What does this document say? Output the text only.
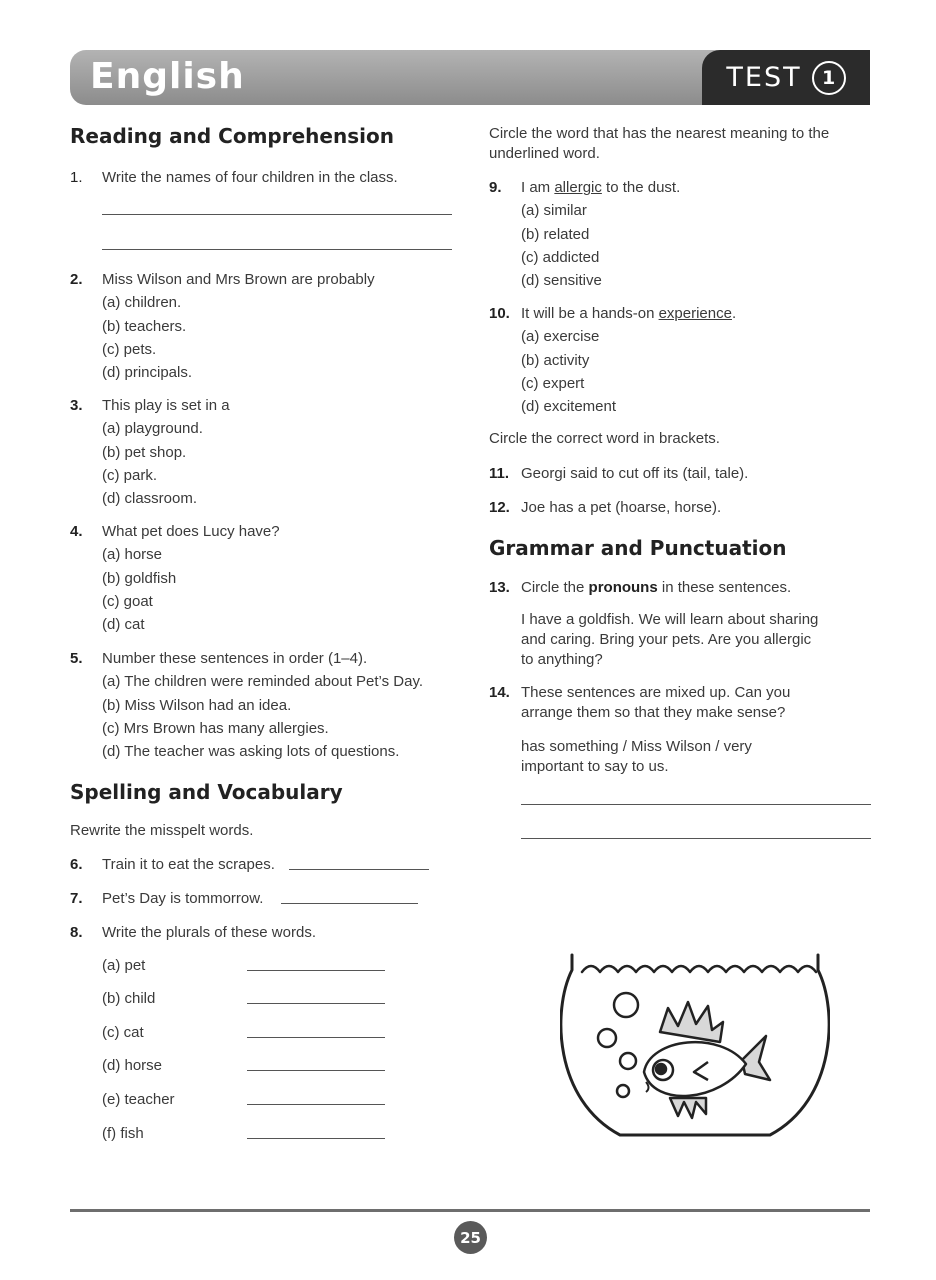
English	TEST	1
Reading and Comprehension
1. Write the names of four children in the class.
2. Miss Wilson and Mrs Brown are probably
(a) children.
(b) teachers.
(c) pets.
(d) principals.
3. This play is set in a
(a) playground.
(b) pet shop.
(c) park.
(d) classroom.
4. What pet does Lucy have?
(a) horse
(b) goldfish
(c) goat
(d) cat
5. Number these sentences in order (1–4).
(a) The children were reminded about Pet’s Day.
(b) Miss Wilson had an idea.
(c) Mrs Brown has many allergies.
(d) The teacher was asking lots of questions.
Spelling and Vocabulary
Rewrite the misspelt words.
6. Train it to eat the scrapes.
7. Pet’s Day is tommorrow.
8. Write the plurals of these words.
(a) pet
(b) child
(c) cat
(d) horse
(e) teacher
(f) fish
Circle the word that has the nearest meaning to the underlined word.
9. I am allergic to the dust.
(a) similar
(b) related
(c) addicted
(d) sensitive
10. It will be a hands-on experience.
(a) exercise
(b) activity
(c) expert
(d) excitement
Circle the correct word in brackets.
11. Georgi said to cut off its (tail, tale).
12. Joe has a pet (hoarse, horse).
Grammar and Punctuation
13. Circle the pronouns in these sentences.
I have a goldfish. We will learn about sharing
and caring. Bring your pets. Are you allergic
to anything?
14. These sentences are mixed up. Can you
arrange them so that they make sense?
has something / Miss Wilson / very
important to say to us.
25
